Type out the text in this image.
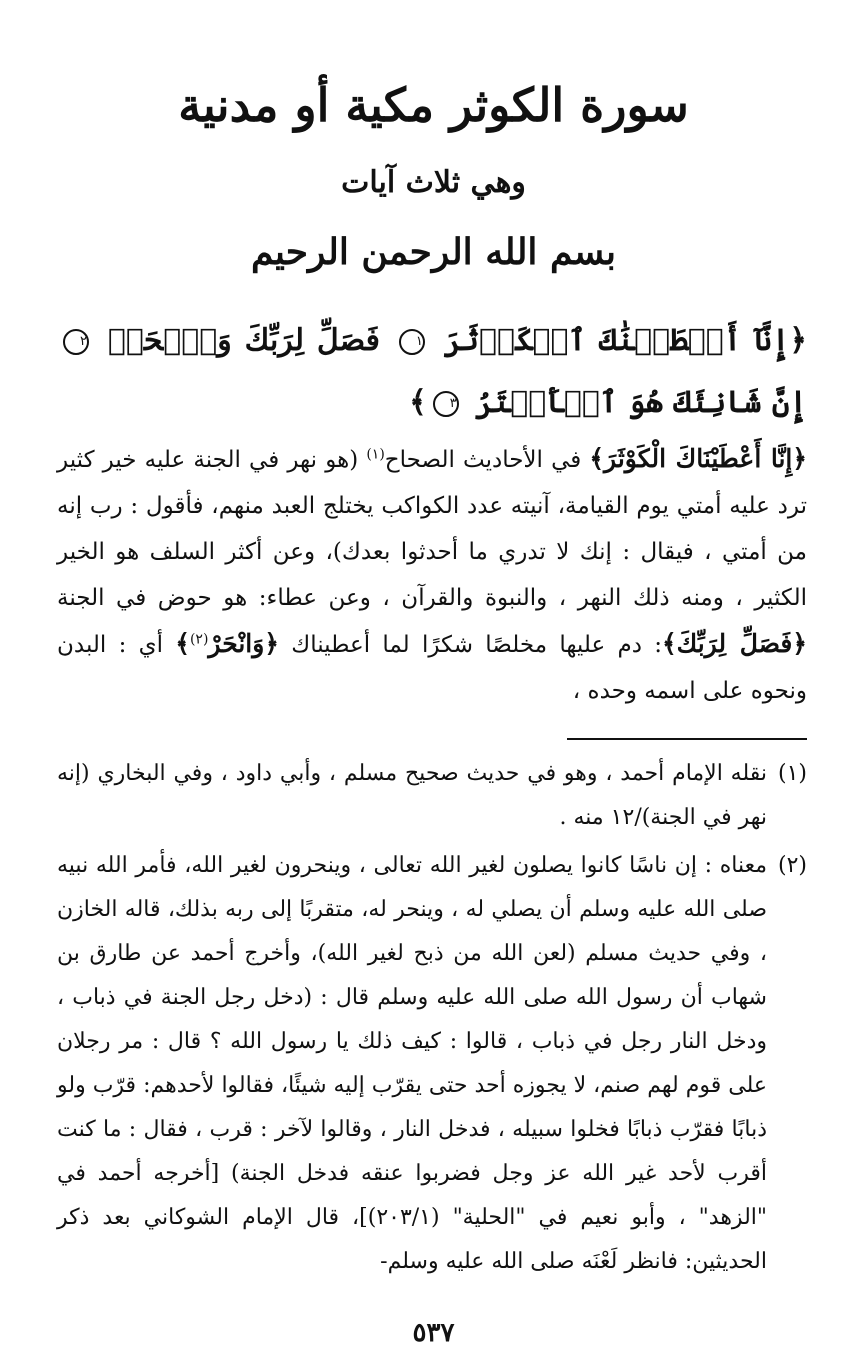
سورة الكوثر مكية أو مدنية
وهي ثلاث آيات
بسم الله الرحمن الرحيم
﴿إِنَّآ أَعۡطَيۡنَٰكَ ٱلۡكَوۡثَرَ ١ فَصَلِّ لِرَبِّكَ وَٱنۡحَرۡ ٢ إِنَّ شَانِئَكَ هُوَ ٱلۡأَبۡتَرُ ٣﴾

﴿إِنَّا أَعْطَيْنَاكَ الْكَوْثَرَ﴾ في الأحاديث الصحاح$^{(١)}$ (هو نهر في الجنة عليه خير كثير ترد عليه أمتي يوم القيامة، آنيته عدد الكواكب يختلج العبد منهم، فأقول : رب إنه من أمتي ، فيقال : إنك لا تدري ما أحدثوا بعدك)، وعن أكثر السلف هو الخير الكثير ، ومنه ذلك النهر ، والنبوة والقرآن ، وعن عطاء: هو حوض في الجنة ﴿فَصَلِّ لِرَبِّكَ﴾: دم عليها مخلصًا شكرًا لما أعطيناك ﴿وَانْحَرْ$^{(٢)}$﴾ أي : البدن ونحوه على اسمه وحده ،

(١)
نقله الإمام أحمد ، وهو في حديث صحيح مسلم ، وأبي داود ، وفي البخاري (إنه نهر في الجنة)/١٢ منه .

(٢)
معناه : إن ناسًا كانوا يصلون لغير الله تعالى ، وينحرون لغير الله، فأمر الله نبيه صلى الله عليه وسلم أن يصلي له ، وينحر له، متقربًا إلى ربه بذلك، قاله الخازن ، وفي حديث مسلم (لعن الله من ذبح لغير الله)، وأخرج أحمد عن طارق بن شهاب أن رسول الله صلى الله عليه وسلم قال : (دخل رجل الجنة في ذباب ، ودخل النار رجل في ذباب ، قالوا : كيف ذلك يا رسول الله ؟ قال : مر رجلان على قوم لهم صنم، لا يجوزه أحد حتى يقرّب إليه شيئًا، فقالوا لأحدهم: قرّب ولو ذبابًا فقرّب ذبابًا فخلوا سبيله ، فدخل النار ، وقالوا لآخر : قرب ، فقال : ما كنت أقرب لأحد غير الله عز وجل فضربوا عنقه فدخل الجنة) [أخرجه أحمد في "الزهد" ، وأبو نعيم في "الحلية" (٢٠٣/١)]، قال الإمام الشوكاني بعد ذكر الحديثين: فانظر لَعْنَه صلى الله عليه وسلم-

٥٣٧
